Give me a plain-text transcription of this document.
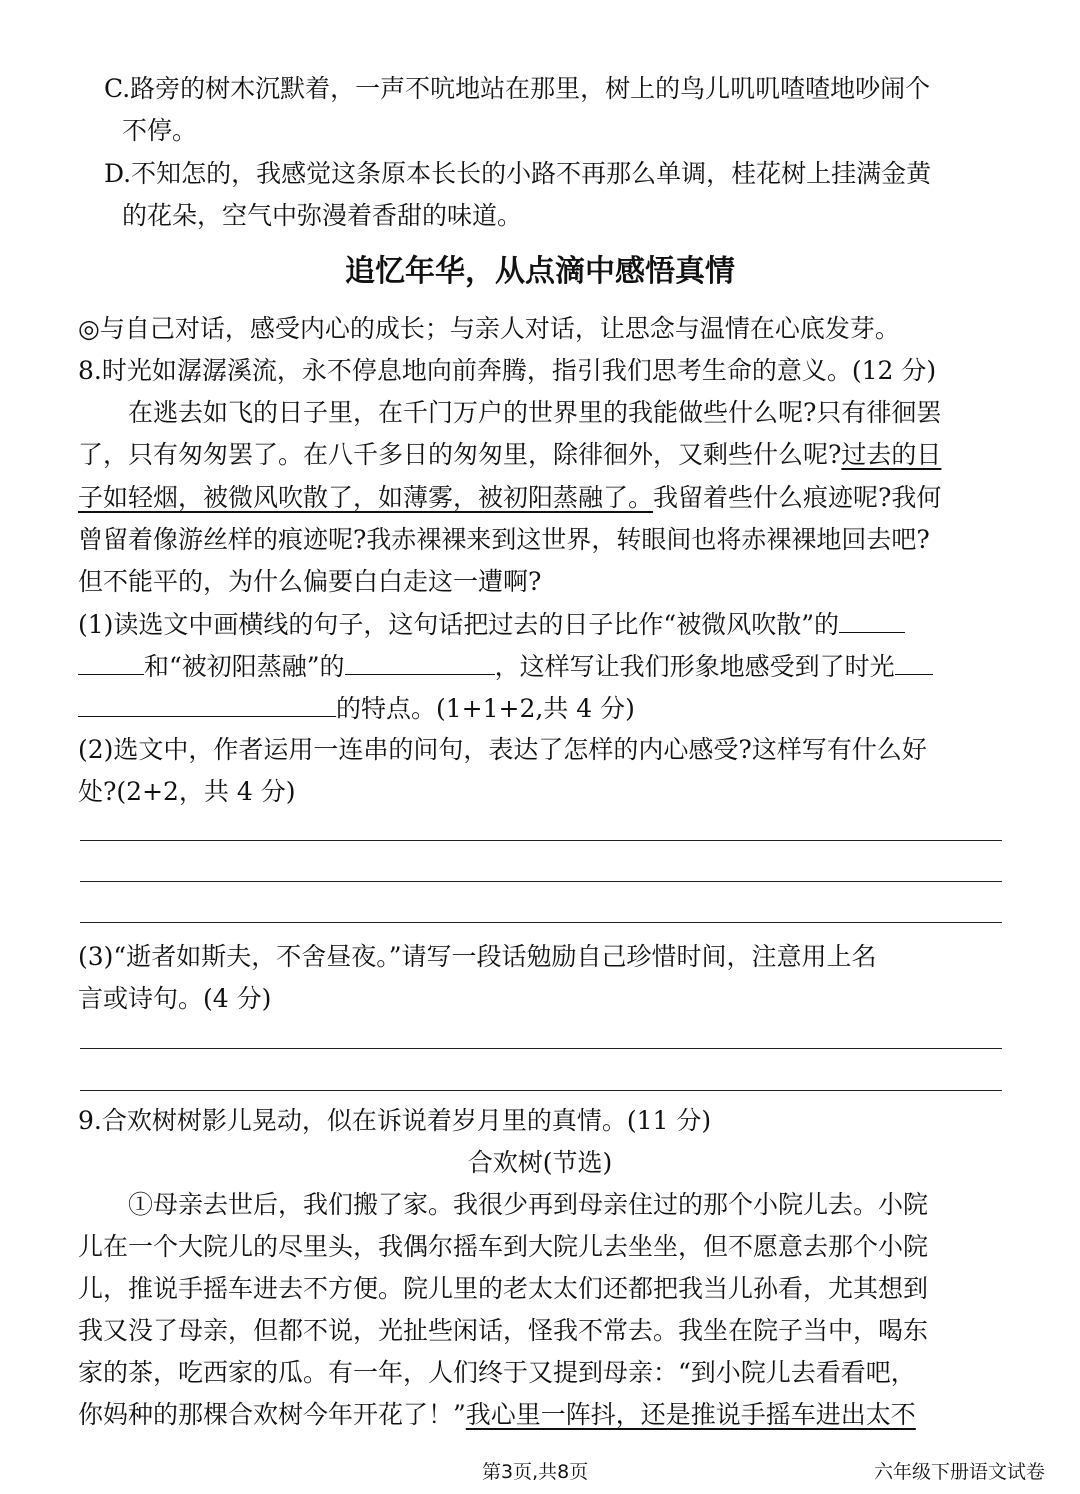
C.路旁的树木沉默着，一声不吭地站在那里，树上的鸟儿叽叽喳喳地吵闹个
不停。
D.不知怎的，我感觉这条原本长长的小路不再那么单调，桂花树上挂满金黄
的花朵，空气中弥漫着香甜的味道。
追忆年华，从点滴中感悟真情
◎与自己对话，感受内心的成长；与亲人对话，让思念与温情在心底发芽。
8.时光如潺潺溪流，永不停息地向前奔腾，指引我们思考生命的意义。(12 分)
在逃去如飞的日子里，在千门万户的世界里的我能做些什么呢?只有徘徊罢
了，只有匆匆罢了。在八千多日的匆匆里，除徘徊外，又剩些什么呢?过去的日
子如轻烟，被微风吹散了，如薄雾，被初阳蒸融了。我留着些什么痕迹呢?我何
曾留着像游丝样的痕迹呢?我赤裸裸来到这世界，转眼间也将赤裸裸地回去吧?
但不能平的，为什么偏要白白走这一遭啊?
(1)读选文中画横线的句子，这句话把过去的日子比作“被微风吹散”的
和“被初阳蒸融”的	，这样写让我们形象地感受到了时光
的特点。(1+1+2,共 4 分)
(2)选文中，作者运用一连串的问句，表达了怎样的内心感受?这样写有什么好
处?(2+2，共 4 分)
(3)“逝者如斯夫，不舍昼夜。”请写一段话勉励自己珍惜时间，注意用上名
言或诗句。(4 分)
9.合欢树树影儿晃动，似在诉说着岁月里的真情。(11 分)
合欢树(节选)
①母亲去世后，我们搬了家。我很少再到母亲住过的那个小院儿去。小院
儿在一个大院儿的尽里头，我偶尔摇车到大院儿去坐坐，但不愿意去那个小院
儿，推说手摇车进去不方便。院儿里的老太太们还都把我当儿孙看，尤其想到
我又没了母亲，但都不说，光扯些闲话，怪我不常去。我坐在院子当中，喝东
家的茶，吃西家的瓜。有一年，人们终于又提到母亲：“到小院儿去看看吧，
你妈种的那棵合欢树今年开花了！”我心里一阵抖，还是推说手摇车进出太不
第3页,共8页	六年级下册语文试卷
